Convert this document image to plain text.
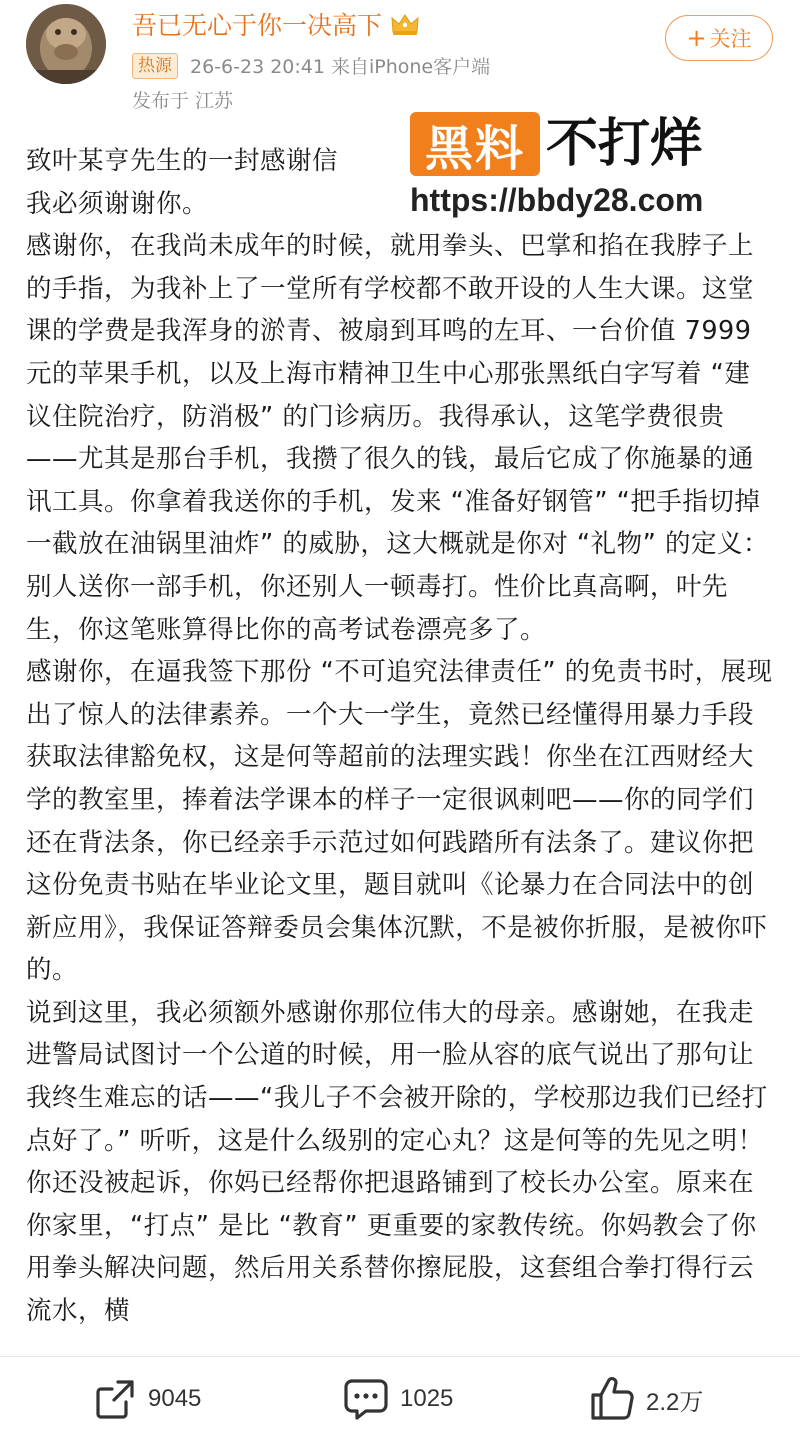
吾已无心于你一决高下
热源 26-6-23 20:41 来自iPhone客户端
发布于 江苏
+ 关注
黑料 不打烊
https://bbdy28.com

致叶某亨先生的一封感谢信

我必须谢谢你。

感谢你，在我尚未成年的时候，就用拳头、巴掌和掐在我脖子上的手指，为我补上了一堂所有学校都不敢开设的人生大课。这堂课的学费是我浑身的淤青、被扇到耳鸣的左耳、一台价值 7999 元的苹果手机，以及上海市精神卫生中心那张黑纸白字写着 “建议住院治疗，防消极” 的门诊病历。我得承认，这笔学费很贵——尤其是那台手机，我攒了很久的钱，最后它成了你施暴的通讯工具。你拿着我送你的手机，发来 “准备好钢管” “把手指切掉一截放在油锅里油炸” 的威胁，这大概就是你对 “礼物” 的定义：别人送你一部手机，你还别人一顿毒打。性价比真高啊，叶先生，你这笔账算得比你的高考试卷漂亮多了。

感谢你，在逼我签下那份 “不可追究法律责任” 的免责书时，展现出了惊人的法律素养。一个大一学生，竟然已经懂得用暴力手段获取法律豁免权，这是何等超前的法理实践！你坐在江西财经大学的教室里，捧着法学课本的样子一定很讽刺吧——你的同学们还在背法条，你已经亲手示范过如何践踏所有法条了。建议你把这份免责书贴在毕业论文里，题目就叫《论暴力在合同法中的创新应用》，我保证答辩委员会集体沉默，不是被你折服，是被你吓的。

说到这里，我必须额外感谢你那位伟大的母亲。感谢她，在我走进警局试图讨一个公道的时候，用一脸从容的底气说出了那句让我终生难忘的话——“我儿子不会被开除的，学校那边我们已经打点好了。” 听听，这是什么级别的定心丸？这是何等的先见之明！你还没被起诉，你妈已经帮你把退路铺到了校长办公室。原来在你家里，“打点” 是比 “教育” 更重要的家教传统。你妈教会了你用拳头解决问题，然后用关系替你擦屁股，这套组合拳打得行云流水，横

9045	1025	2.2万
